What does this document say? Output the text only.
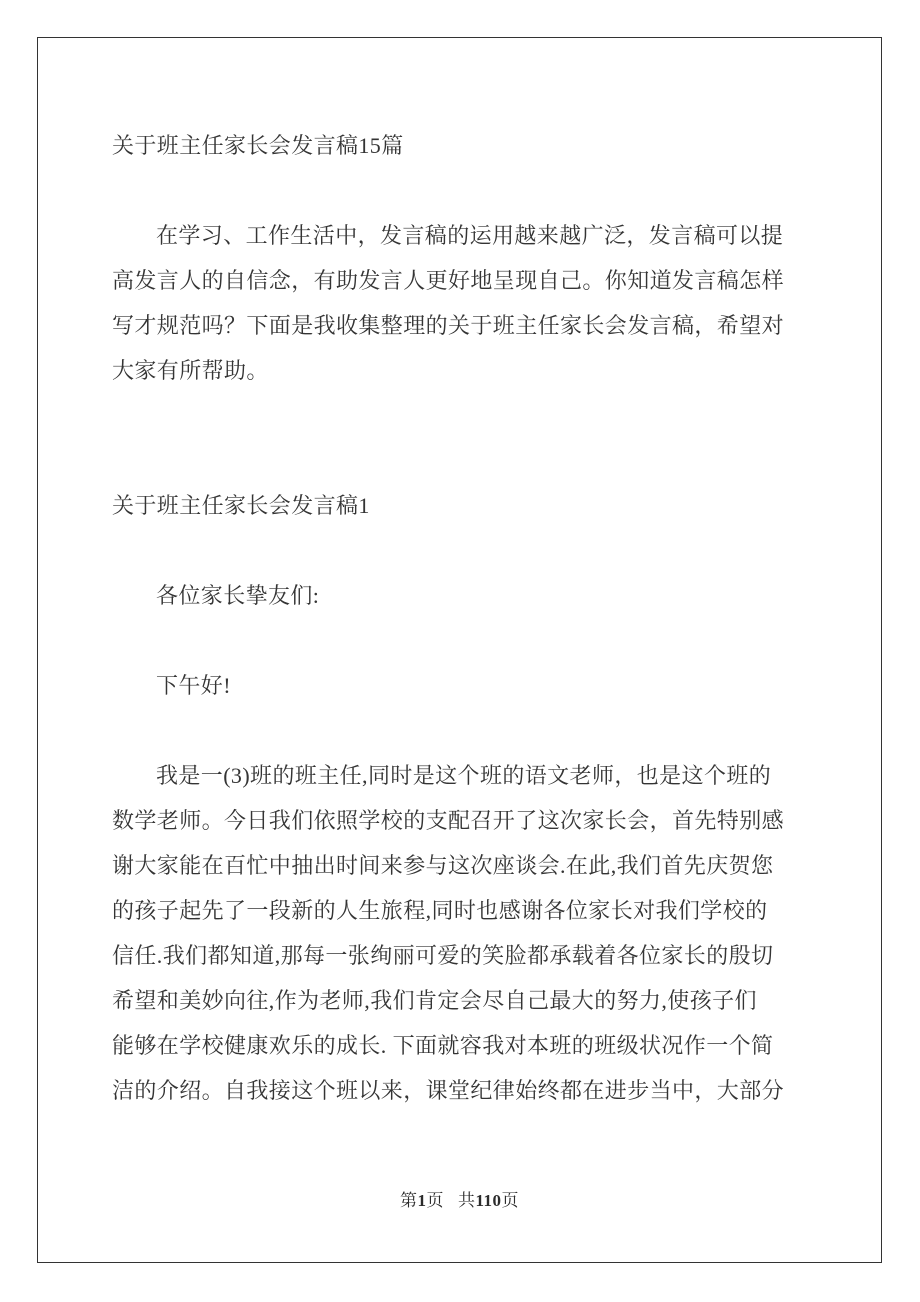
关于班主任家长会发言稿15篇
在学习、工作生活中，发言稿的运用越来越广泛，发言稿可以提
高发言人的自信念，有助发言人更好地呈现自己。你知道发言稿怎样
写才规范吗？下面是我收集整理的关于班主任家长会发言稿，希望对
大家有所帮助。
关于班主任家长会发言稿1
各位家长挚友们:
下午好!
我是一(3)班的班主任,同时是这个班的语文老师，也是这个班的
数学老师。今日我们依照学校的支配召开了这次家长会，首先特别感
谢大家能在百忙中抽出时间来参与这次座谈会.在此,我们首先庆贺您
的孩子起先了一段新的人生旅程,同时也感谢各位家长对我们学校的
信任.我们都知道,那每一张绚丽可爱的笑脸都承载着各位家长的殷切
希望和美妙向往,作为老师,我们肯定会尽自己最大的努力,使孩子们
能够在学校健康欢乐的成长. 下面就容我对本班的班级状况作一个简
洁的介绍。自我接这个班以来，课堂纪律始终都在进步当中，大部分
第1页 共110页
